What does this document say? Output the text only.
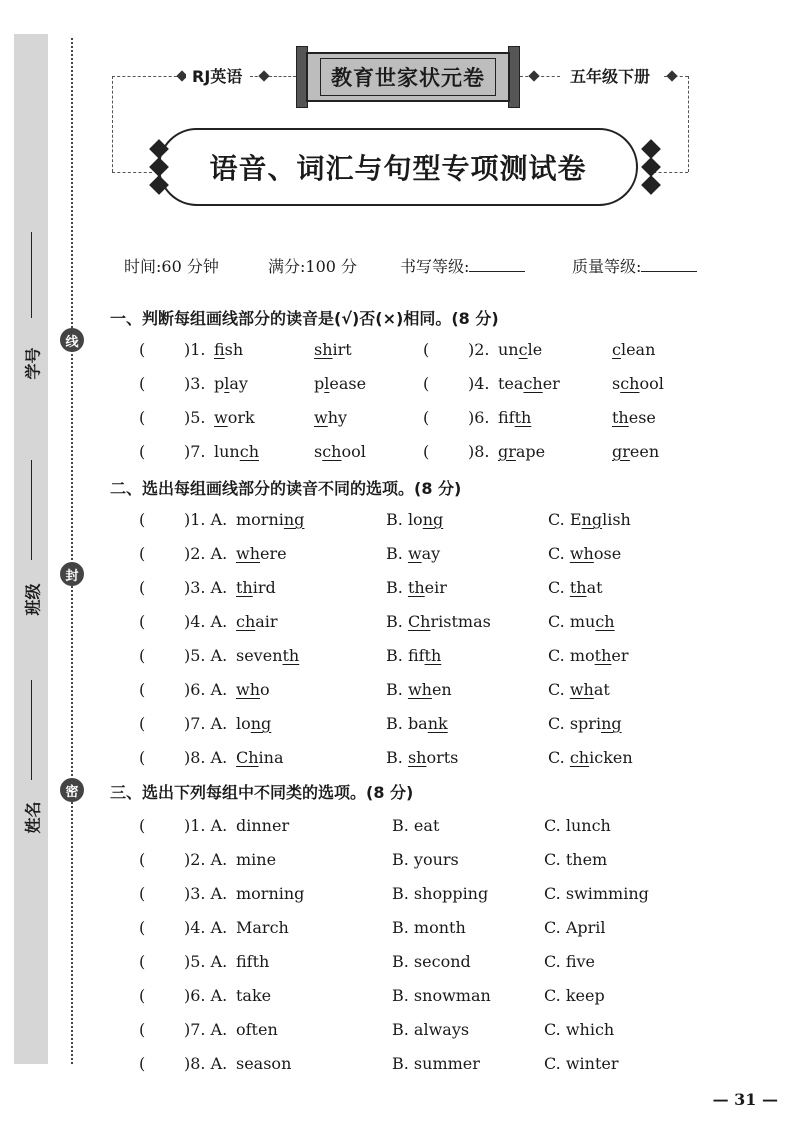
学号
班级
姓名
线
封
密
RJ英语	五年级下册
教育世家状元卷
语音、词汇与句型专项测试卷
时间:60 分钟	满分:100 分	书写等级:	质量等级:
一、判断每组画线部分的读音是(√)否(×)相同。(8 分)
二、选出每组画线部分的读音不同的选项。(8 分)
三、选出下列每组中不同类的选项。(8 分)
( )1. fish	shirt	( )2. uncle	clean
( )3. play	please	( )4. teacher	school
( )5. work	why	( )6. fifth	these
( )7. lunch	school	( )8. grape	green
( )1. A. morning	B. long	C. English
( )2. A. where	B. way	C. whose
( )3. A. third	B. their	C. that
( )4. A. chair	B. Christmas	C. much
( )5. A. seventh	B. fifth	C. mother
( )6. A. who	B. when	C. what
( )7. A. long	B. bank	C. spring
( )8. A. China	B. shorts	C. chicken
( )1. A. dinner	B. eat	C. lunch
( )2. A. mine	B. yours	C. them
( )3. A. morning	B. shopping	C. swimming
( )4. A. March	B. month	C. April
( )5. A. fifth	B. second	C. five
( )6. A. take	B. snowman	C. keep
( )7. A. often	B. always	C. which
( )8. A. season	B. summer	C. winter
— 31 —
